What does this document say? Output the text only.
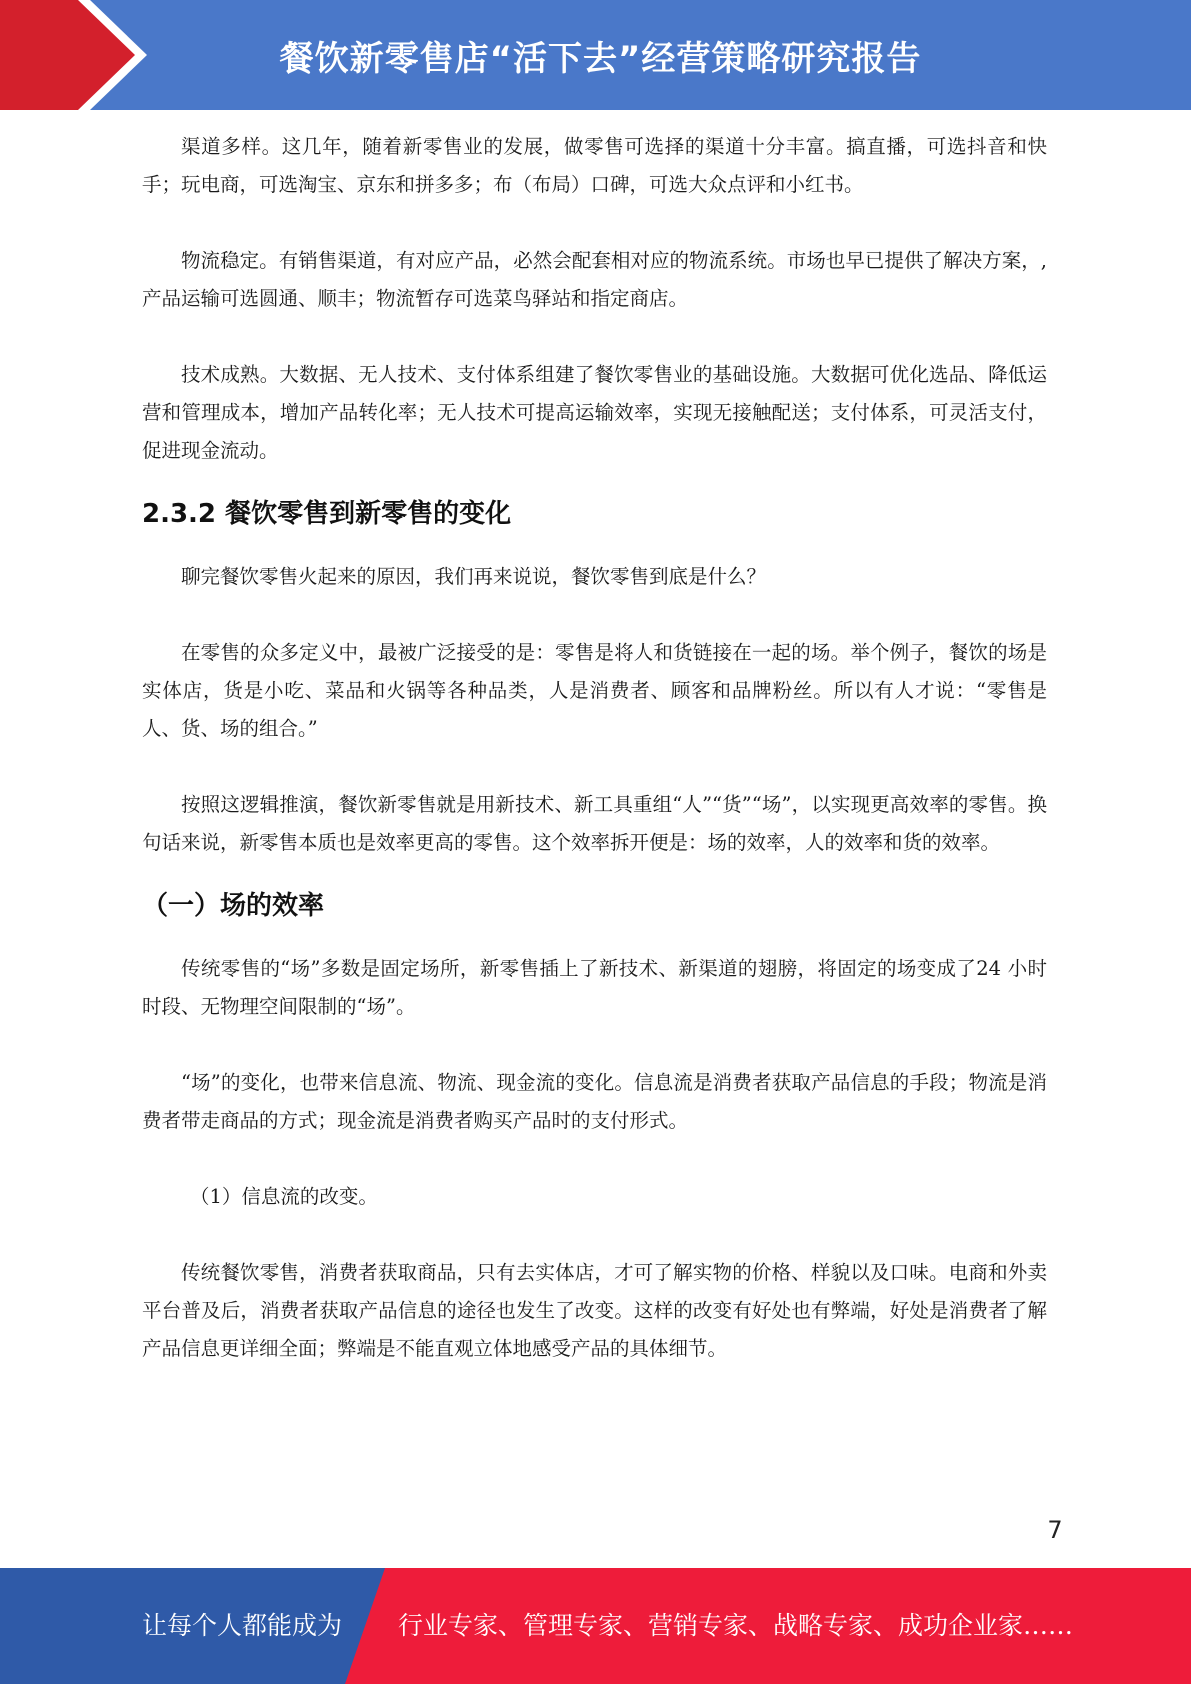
餐饮新零售店“活下去”经营策略研究报告

渠道多样。这几年，随着新零售业的发展，做零售可选择的渠道十分丰富。搞直播，可选抖音和快手；玩电商，可选淘宝、京东和拼多多；布（布局）口碑，可选大众点评和小红书。

物流稳定。有销售渠道，有对应产品，必然会配套相对应的物流系统。市场也早已提供了解决方案，,产品运输可选圆通、顺丰；物流暂存可选菜鸟驿站和指定商店。

技术成熟。大数据、无人技术、支付体系组建了餐饮零售业的基础设施。大数据可优化选品、降低运营和管理成本，增加产品转化率；无人技术可提高运输效率，实现无接触配送；支付体系，可灵活支付，促进现金流动。

2.3.2 餐饮零售到新零售的变化

聊完餐饮零售火起来的原因，我们再来说说，餐饮零售到底是什么？

在零售的众多定义中，最被广泛接受的是：零售是将人和货链接在一起的场。举个例子，餐饮的场是实体店，货是小吃、菜品和火锅等各种品类，人是消费者、顾客和品牌粉丝。所以有人才说：“零售是人、货、场的组合。”

按照这逻辑推演，餐饮新零售就是用新技术、新工具重组“人”“货”“场”，以实现更高效率的零售。换句话来说，新零售本质也是效率更高的零售。这个效率拆开便是：场的效率，人的效率和货的效率。

（一）场的效率

传统零售的“场”多数是固定场所，新零售插上了新技术、新渠道的翅膀，将固定的场变成了24 小时时段、无物理空间限制的“场”。

“场”的变化，也带来信息流、物流、现金流的变化。信息流是消费者获取产品信息的手段；物流是消费者带走商品的方式；现金流是消费者购买产品时的支付形式。

（1）信息流的改变。

传统餐饮零售，消费者获取商品，只有去实体店，才可了解实物的价格、样貌以及口味。电商和外卖平台普及后，消费者获取产品信息的途径也发生了改变。这样的改变有好处也有弊端，好处是消费者了解产品信息更详细全面；弊端是不能直观立体地感受产品的具体细节。

7
让每个人都能成为 行业专家、管理专家、营销专家、战略专家、成功企业家……
